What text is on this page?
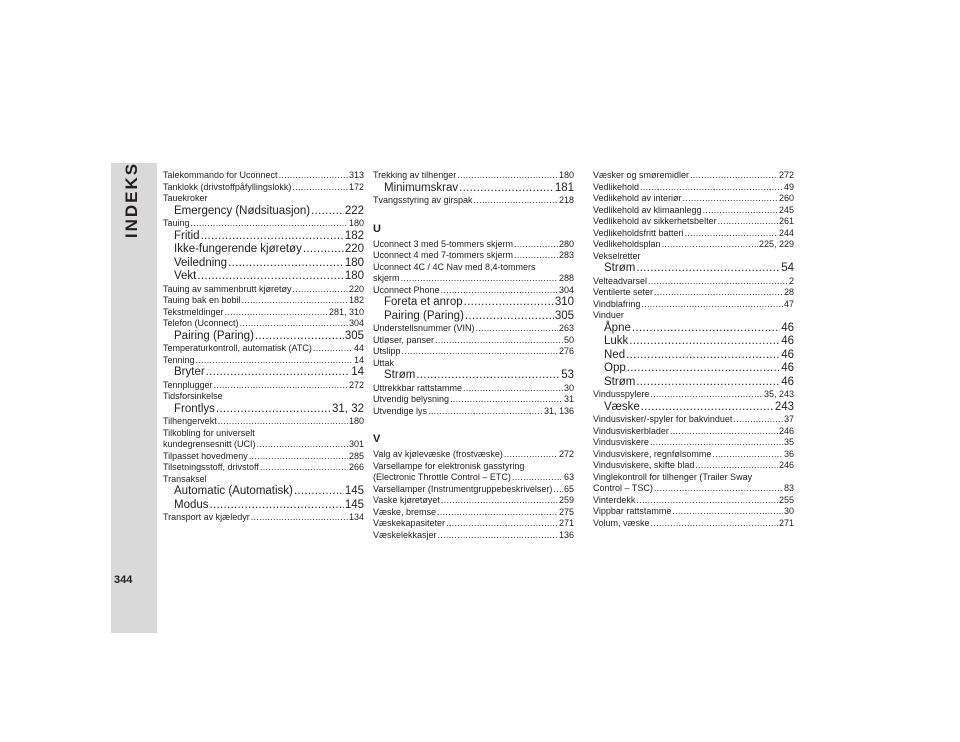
INDEKS
344
Talekommando for Uconnect .....	313
Tanklokk (drivstoffpåfyllingslokk) .....	172
Tauekroker
Emergency (Nødsituasjon) .....	222
Tauing .....	180
Fritid .....	182
Ikke-fungerende kjøretøy .....	220
Veiledning .....	180
Vekt .....	180
Tauing av sammenbrutt kjøretøy .....	220
Tauing bak en bobil .....	182
Tekstmeldinger .....	281, 310
Telefon (Uconnect) .....	304
Pairing (Paring) .....	305
Temperaturkontroll, automatisk (ATC) .....	44
Tenning .....	14
Bryter .....	14
Tennplugger .....	272
Tidsforsinkelse
Frontlys .....	31, 32
Tilhengervekt .....	180
Tilkobling for universelt
kundegrensesnitt (UCI) .....	301
Tilpasset hovedmeny .....	285
Tilsetningsstoff, drivstoff .....	266
Transaksel
Automatic (Automatisk) .....	145
Modus .....	145
Transport av kjæledyr .....	134
Trekking av tilhenger .....	180
Minimumskrav .....	181
Tvangsstyring av girspak .....	218
U
Uconnect 3 med 5-tommers skjerm .....	280
Uconnect 4 med 7-tommers skjerm .....	283
Uconnect 4C / 4C Nav med 8,4-tommers
skjerm .....	288
Uconnect Phone .....	304
Foreta et anrop .....	310
Pairing (Paring) .....	305
Understellsnummer (VIN) .....	263
Utløser, panser .....	50
Utslipp .....	276
Uttak
Strøm .....	53
Uttrekkbar rattstamme .....	30
Utvendig belysning .....	31
Utvendige lys .....	31, 136
V
Valg av kjølevæske (frostvæske) .....	272
Varsellampe for elektronisk gasstyring
(Electronic Throttle Control – ETC) .....	63
Varsellamper (Instrumentgruppebeskrivelser) ..... 65
Vaske kjøretøyet .....	259
Væske, bremse .....	275
Væskekapasiteter .....	271
Væskelekkasjer .....	136
Væsker og smøremidler .....	272
Vedlikehold .....	49
Vedlikehold av interiør .....	260
Vedlikehold av klimaanlegg .....	245
Vedlikehold av sikkerhetsbelter .....	261
Vedlikeholdsfritt batteri .....	244
Vedlikeholdsplan .....	225, 229
Vekselretter
Strøm .....	54
Velteadvarsel .....	2
Ventilerte seter .....	28
Vindblafring .....	47
Vinduer
Åpne .....	46
Lukk .....	46
Ned .....	46
Opp .....	46
Strøm .....	46
Vindusspylere .....	35, 243
Væske .....	243
Vindusvisker/-spyler for bakvinduet .....	37
Vindusviskerblader .....	246
Vindusviskere .....	35
Vindusviskere, regnfølsomme .....	36
Vindusviskere, skifte blad .....	246
Vinglekontroll for tilhenger (Trailer Sway
Control – TSC) .....	83
Vinterdekk .....	255
Vippbar rattstamme .....	30
Volum, væske .....	271
